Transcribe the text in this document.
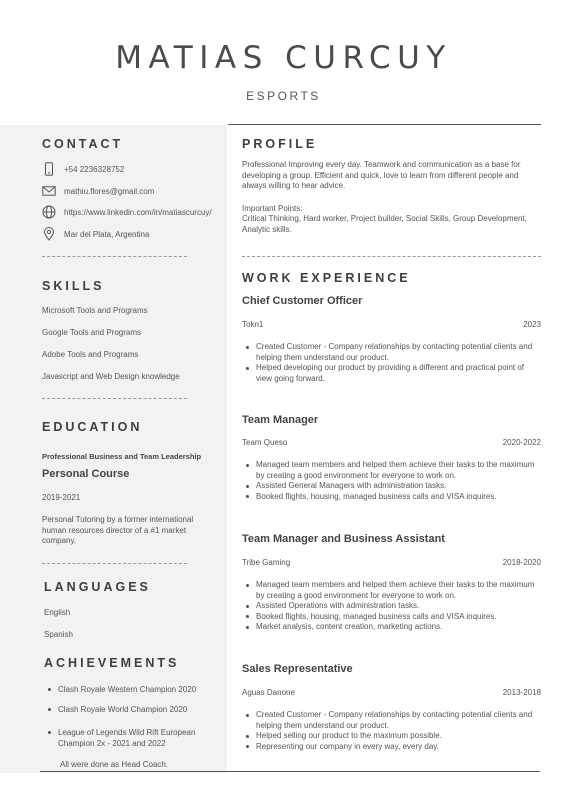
MATIAS CURCUY
ESPORTS
CONTACT
+54 2236328752
mathiu.flores@gmail.com
https://www.linkedin.com/in/matiascurcuy/
Mar del Plata, Argentina
SKILLS
Microsoft Tools and Programs
Google Tools and Programs
Adobe Tools and Programs
Javascript and Web Design knowledge
EDUCATION
Professional Business and Team Leadership
Personal Course
2019-2021
Personal Tutoring by a former international human resources director of a #1 market company.
LANGUAGES
English
Spanish
ACHIEVEMENTS
Clash Royale Western Champion 2020
Clash Royale World Champion 2020
League of Legends Wild Rift European Champion 2x - 2021 and 2022
All were done as Head Coach.
PROFILE
Professional Improving every day. Teamwork and communication as a base for developing a group. Efficient and quick, love to learn from different people and always willing to hear advice.
Important Points:
Critical Thinking, Hard worker, Project builder, Social Skills, Group Development, Analytic skills.
WORK EXPERIENCE
Chief Customer Officer
Tokn1	2023
Created Customer - Company relationships by contacting potential clients and helping them understand our product.
Helped developing our product by providing a different and practical point of view going forward.
Team Manager
Team Queso	2020-2022
Managed team members and helped them achieve their tasks to the maximum by creating a good environment for everyone to work on.
Assisted General Managers with administration tasks.
Booked flights, housing, managed business calls and VISA inquires.
Team Manager and Business Assistant
Tribe Gaming	2018-2020
Managed team members and helped them achieve their tasks to the maximum by creating a good environment for everyone to work on.
Assisted Operations with administration tasks.
Booked flights, housing, managed business calls and VISA inquires.
Market analysis, content creation, marketing actions.
Sales Representative
Aguas Danone	2013-2018
Created Customer - Company relationships by contacting potential clients and helping them understand our product.
Helped selling our product to the maximum possible.
Representing our company in every way, every day.
